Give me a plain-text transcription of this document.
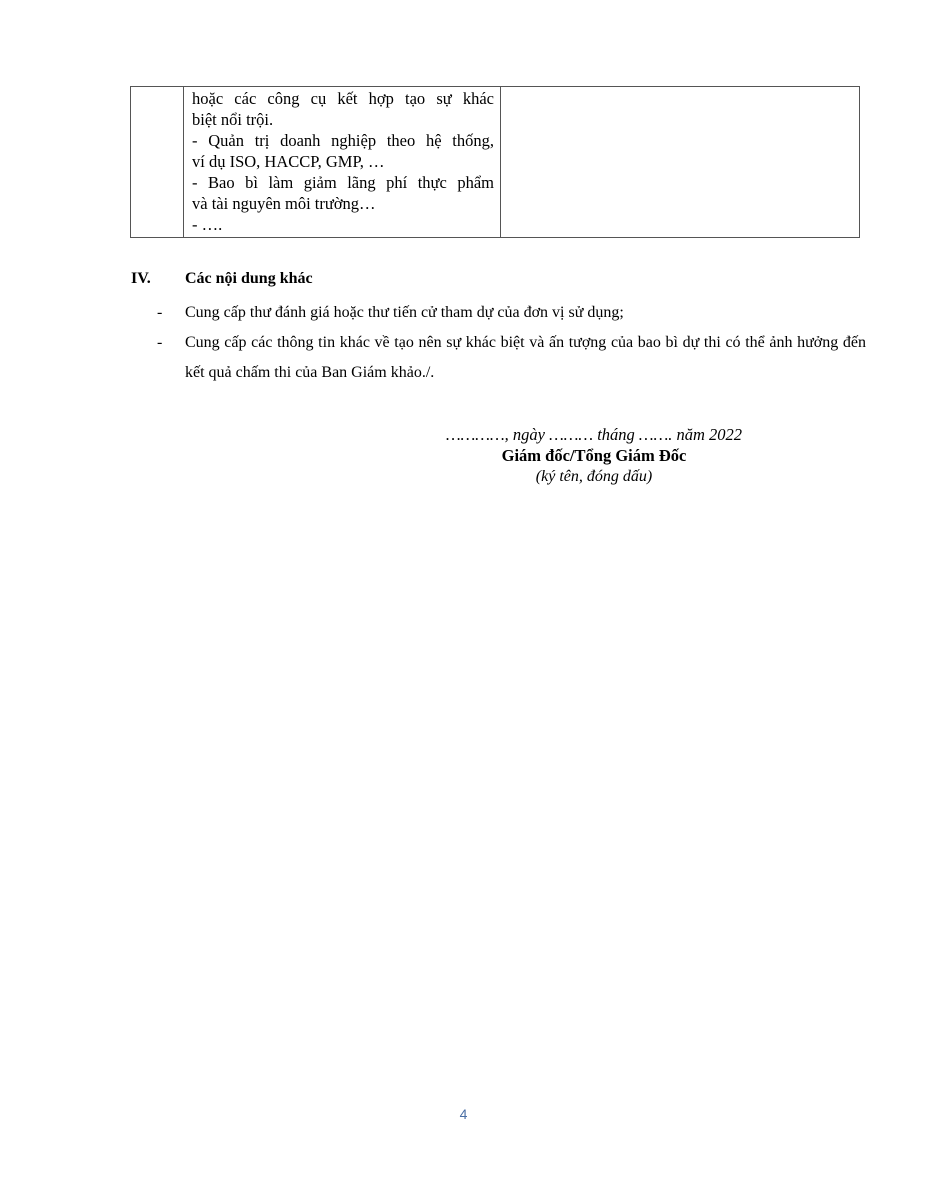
hoặc các công cụ kết hợp tạo sự khác

biệt nổi trội.

- Quản trị doanh nghiệp theo hệ thống,

ví dụ ISO, HACCP, GMP, …

- Bao bì làm giảm lãng phí thực phẩm

và tài nguyên môi trường…

- ….

IV. Các nội dung khác
- Cung cấp thư đánh giá hoặc thư tiến cử tham dự của đơn vị sử dụng;
- Cung cấp các thông tin khác về tạo nên sự khác biệt và ấn tượng của bao bì dự thi có thể ảnh hưởng đến kết quả chấm thi của Ban Giám khảo./.
…………, ngày ……… tháng ……. năm 2022
Giám đốc/Tổng Giám Đốc
(ký tên, đóng dấu)
4
